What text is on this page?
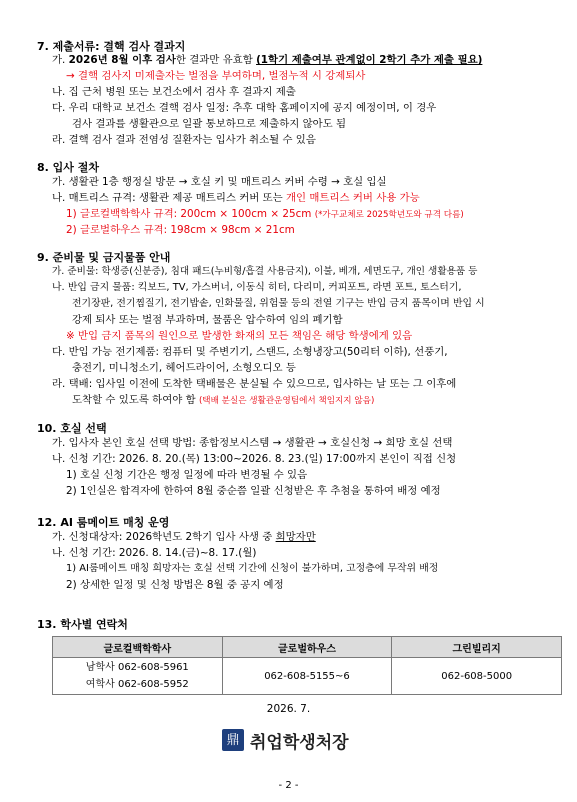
7. 제출서류: 결핵 검사 결과지
가. 2026년 8월 이후 검사한 결과만 유효함 (1학기 제출여부 관계없이 2학기 추가 제출 필요)
→ 결핵 검사지 미제출자는 벌점을 부여하며, 벌점누적 시 강제퇴사
나. 집 근처 병원 또는 보건소에서 검사 후 결과지 제출
다. 우리 대학교 보건소 결핵 검사 일정: 추후 대학 홈페이지에 공지 예정이며, 이 경우
검사 결과를 생활관으로 일괄 통보하므로 제출하지 않아도 됨
라. 결핵 검사 결과 전염성 질환자는 입사가 취소될 수 있음
8. 입사 절차
가. 생활관 1층 행정실 방문 → 호실 키 및 매트리스 커버 수령 → 호실 입실
나. 매트리스 규격: 생활관 제공 매트리스 커버 또는 개인 매트리스 커버 사용 가능
1) 글로컬백학학사 규격: 200cm × 100cm × 25cm (*가구교체로 2025학년도와 규격 다름)
2) 글로벌하우스 규격: 198cm × 98cm × 21cm
9. 준비물 및 금지물품 안내
가. 준비물: 학생증(신분증), 침대 패드(누비형/흡결 사용금지), 이불, 베개, 세면도구, 개인 생활용품 등
나. 반입 금지 물품: 킥보드, TV, 가스버너, 이동식 히터, 다리미, 커피포트, 라면 포트, 토스터기,
전기장판, 전기찜질기, 전기밥솥, 인화물질, 위험물 등의 전열 기구는 반입 금지 품목이며 반입 시
강제 퇴사 또는 벌점 부과하며, 물품은 압수하여 임의 폐기함
※ 반입 금지 품목의 원인으로 발생한 화재의 모든 책임은 해당 학생에게 있음
다. 반입 가능 전기제품: 컴퓨터 및 주변기기, 스탠드, 소형냉장고(50리터 이하), 선풍기,
충전기, 미니청소기, 헤어드라이어, 소형오디오 등
라. 택배: 입사일 이전에 도착한 택배물은 분실될 수 있으므로, 입사하는 날 또는 그 이후에
도착할 수 있도록 하여야 함 (택배 분실은 생활관운영팀에서 책임지지 않음)
10. 호실 선택
가. 입사자 본인 호실 선택 방법: 종합정보시스템 → 생활관 → 호실신청 → 희망 호실 선택
나. 신청 기간: 2026. 8. 20.(목) 13:00~2026. 8. 23.(일) 17:00까지 본인이 직접 신청
1) 호실 신청 기간은 행정 일정에 따라 변경될 수 있음
2) 1인실은 합격자에 한하여 8월 중순쯤 일괄 신청받은 후 추첨을 통하여 배정 예정
12. AI 룸메이트 매칭 운영
가. 신청대상자: 2026학년도 2학기 입사 사생 중 희망자만
나. 신청 기간: 2026. 8. 14.(금)~8. 17.(월)
1) AI룸메이트 매칭 희망자는 호실 선택 기간에 신청이 불가하며, 고정층에 무작위 배정
2) 상세한 일정 및 신청 방법은 8월 중 공지 예정
13. 학사별 연락처
글로컬백학학사	글로벌하우스	그린빌리지

남학사 062-608-5961
여학사 062-608-5952	062-608-5155~6	062-608-5000
2026. 7.
鼎 취업학생처장
- 2 -
